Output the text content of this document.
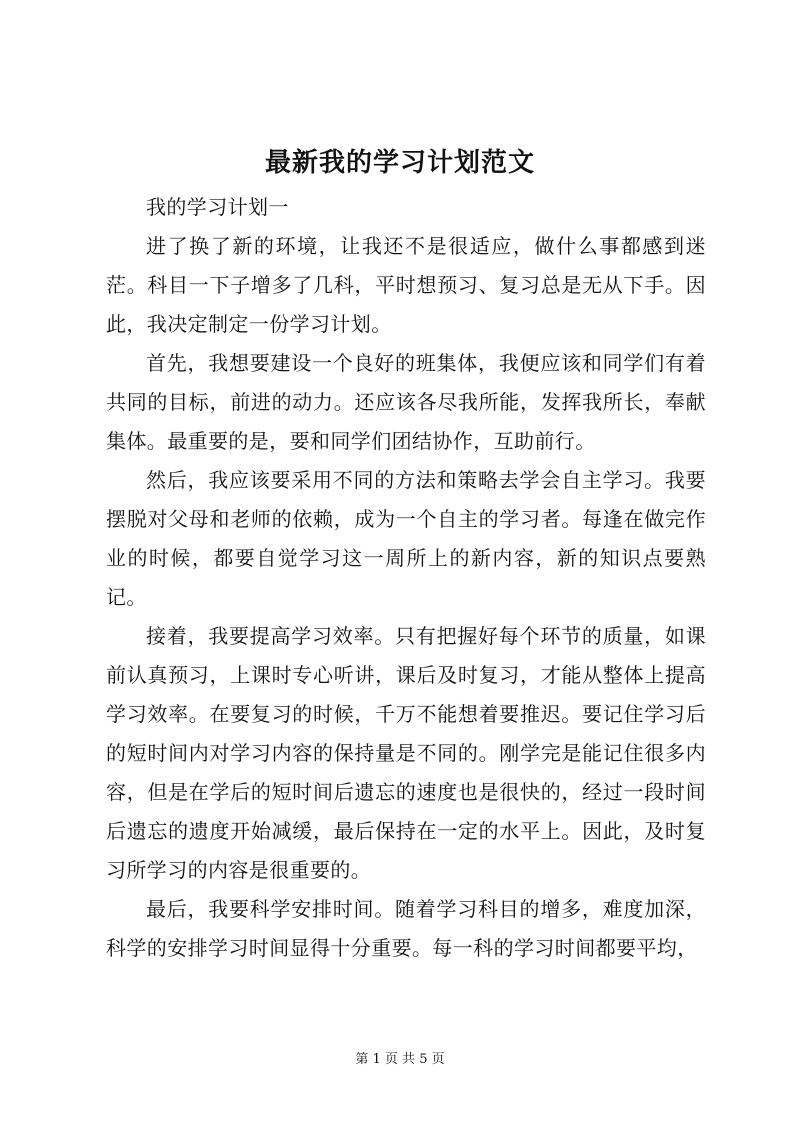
最新我的学习计划范文

我的学习计划一

进了换了新的环境，让我还不是很适应，做什么事都感到迷茫。科目一下子增多了几科，平时想预习、复习总是无从下手。因此，我决定制定一份学习计划。

首先，我想要建设一个良好的班集体，我便应该和同学们有着共同的目标，前进的动力。还应该各尽我所能，发挥我所长，奉献集体。最重要的是，要和同学们团结协作，互助前行。

然后，我应该要采用不同的方法和策略去学会自主学习。我要摆脱对父母和老师的依赖，成为一个自主的学习者。每逢在做完作业的时候，都要自觉学习这一周所上的新内容，新的知识点要熟记。

接着，我要提高学习效率。只有把握好每个环节的质量，如课前认真预习，上课时专心听讲，课后及时复习，才能从整体上提高学习效率。在要复习的时候，千万不能想着要推迟。要记住学习后的短时间内对学习内容的保持量是不同的。刚学完是能记住很多内容，但是在学后的短时间后遗忘的速度也是很快的，经过一段时间后遗忘的遗度开始减缓，最后保持在一定的水平上。因此，及时复习所学习的内容是很重要的。

最后，我要科学安排时间。随着学习科目的增多，难度加深，科学的安排学习时间显得十分重要。每一科的学习时间都要平均，

第 1 页 共 5 页
